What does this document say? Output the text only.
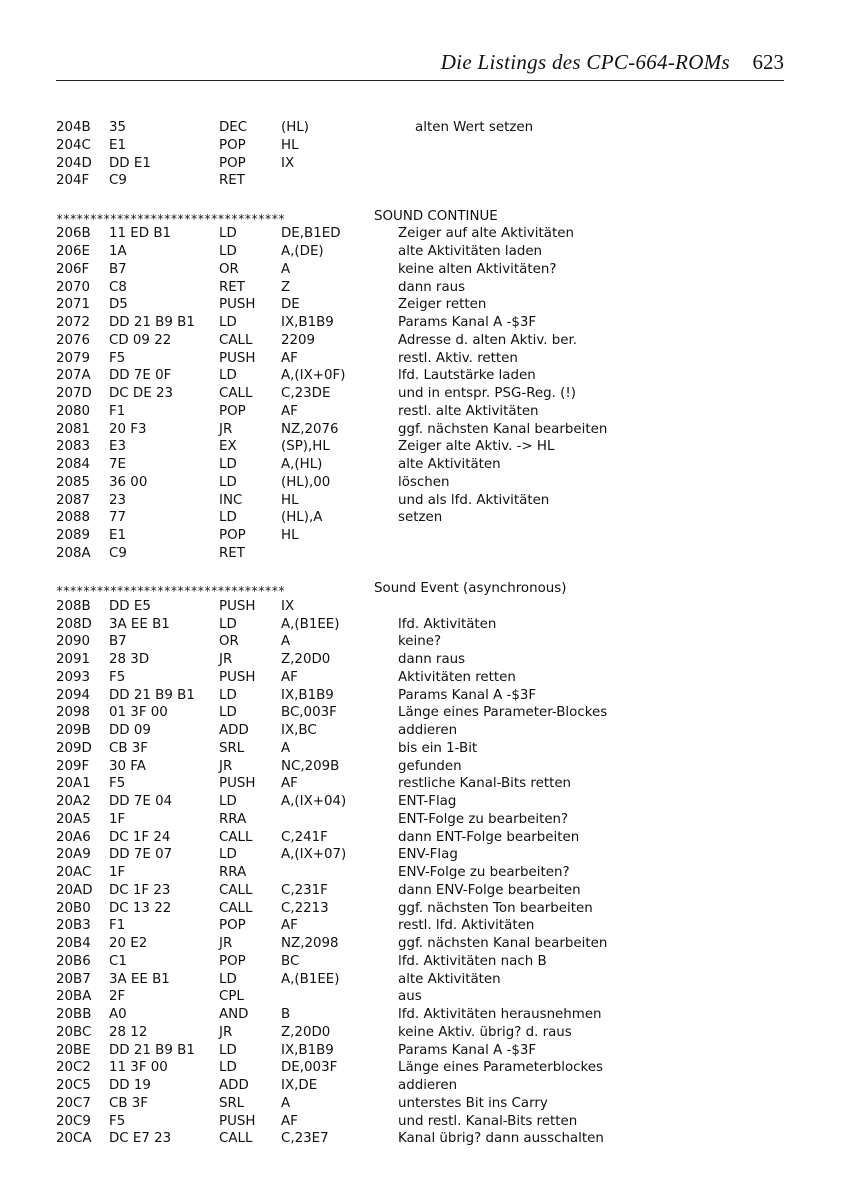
Die Listings des CPC-664-ROMs 623
204B 35	DEC	(HL)	alten Wert setzen
204C E1	POP	HL
204D DD E1	POP	IX
204F C9	RET
**********************************	SOUND CONTINUE
206B 11 ED B1	LD	DE,B1ED	Zeiger auf alte Aktivitäten
206E 1A	LD	A,(DE)	alte Aktivitäten laden
206F B7	OR	A	keine alten Aktivitäten?
2070 C8	RET	Z	dann raus
2071 D5	PUSH DE	Zeiger retten
2072 DD 21 B9 B1 LD	IX,B1B9	Params Kanal A -$3F
2076 CD 09 22	CALL 2209	Adresse d. alten Aktiv. ber.
2079 F5	PUSH AF	restl. Aktiv. retten
207A DD 7E 0F	LD	A,(IX+0F)	lfd. Lautstärke laden
207D DC DE 23	CALL C,23DE	und in entspr. PSG-Reg. (!)
2080 F1	POP	AF	restl. alte Aktivitäten
2081 20 F3	JR	NZ,2076	ggf. nächsten Kanal bearbeiten
2083 E3	EX	(SP),HL	Zeiger alte Aktiv. -> HL
2084 7E	LD	A,(HL)	alte Aktivitäten
2085 36 00	LD	(HL),00	löschen
2087 23	INC	HL	und als lfd. Aktivitäten
2088 77	LD	(HL),A	setzen
2089 E1	POP	HL
208A C9	RET
**********************************	Sound Event (asynchronous)
208B DD E5	PUSH IX
208D 3A EE B1	LD	A,(B1EE)	lfd. Aktivitäten
2090 B7	OR	A	keine?
2091 28 3D	JR	Z,20D0	dann raus
2093 F5	PUSH AF	Aktivitäten retten
2094 DD 21 B9 B1 LD	IX,B1B9	Params Kanal A -$3F
2098 01 3F 00	LD	BC,003F	Länge eines Parameter-Blockes
209B DD 09	ADD IX,BC	addieren
209D CB 3F	SRL	A	bis ein 1-Bit
209F 30 FA	JR	NC,209B	gefunden
20A1 F5	PUSH AF	restliche Kanal-Bits retten
20A2 DD 7E 04	LD	A,(IX+04)	ENT-Flag
20A5 1F	RRA	ENT-Folge zu bearbeiten?
20A6 DC 1F 24	CALL C,241F	dann ENT-Folge bearbeiten
20A9 DD 7E 07	LD	A,(IX+07)	ENV-Flag
20AC 1F	RRA	ENV-Folge zu bearbeiten?
20AD DC 1F 23	CALL C,231F	dann ENV-Folge bearbeiten
20B0 DC 13 22	CALL C,2213	ggf. nächsten Ton bearbeiten
20B3 F1	POP	AF	restl. lfd. Aktivitäten
20B4 20 E2	JR	NZ,2098	ggf. nächsten Kanal bearbeiten
20B6 C1	POP	BC	lfd. Aktivitäten nach B
20B7 3A EE B1	LD	A,(B1EE)	alte Aktivitäten
20BA 2F	CPL	aus
20BB A0	AND B	lfd. Aktivitäten herausnehmen
20BC 28 12	JR	Z,20D0	keine Aktiv. übrig? d. raus
20BE DD 21 B9 B1 LD	IX,B1B9	Params Kanal A -$3F
20C2 11 3F 00	LD	DE,003F	Länge eines Parameterblockes
20C5 DD 19	ADD IX,DE	addieren
20C7 CB 3F	SRL	A	unterstes Bit ins Carry
20C9 F5	PUSH AF	und restl. Kanal-Bits retten
20CA DC E7 23	CALL C,23E7	Kanal übrig? dann ausschalten
